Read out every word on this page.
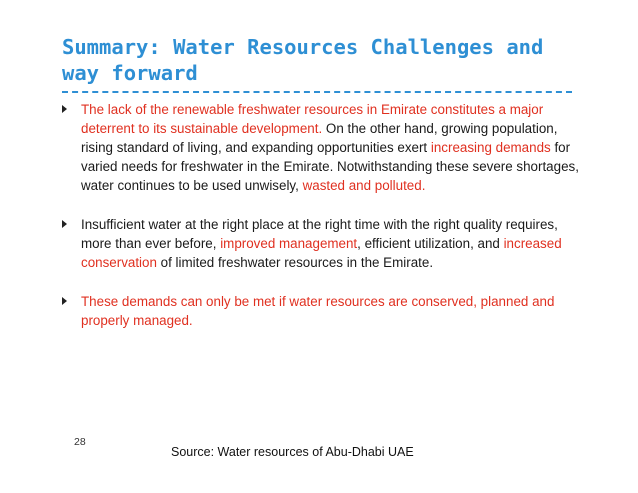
Summary: Water Resources Challenges and way forward
The lack of the renewable freshwater resources in Emirate constitutes a major deterrent to its sustainable development. On the other hand, growing population, rising standard of living, and expanding opportunities exert increasing demands for varied needs for freshwater in the Emirate. Notwithstanding these severe shortages, water continues to be used unwisely, wasted and polluted.
Insufficient water at the right place at the right time with the right quality requires, more than ever before, improved management, efficient utilization, and increased conservation of limited freshwater resources in the Emirate.
These demands can only be met if water resources are conserved, planned and properly managed.
28
Source: Water resources of Abu-Dhabi UAE
